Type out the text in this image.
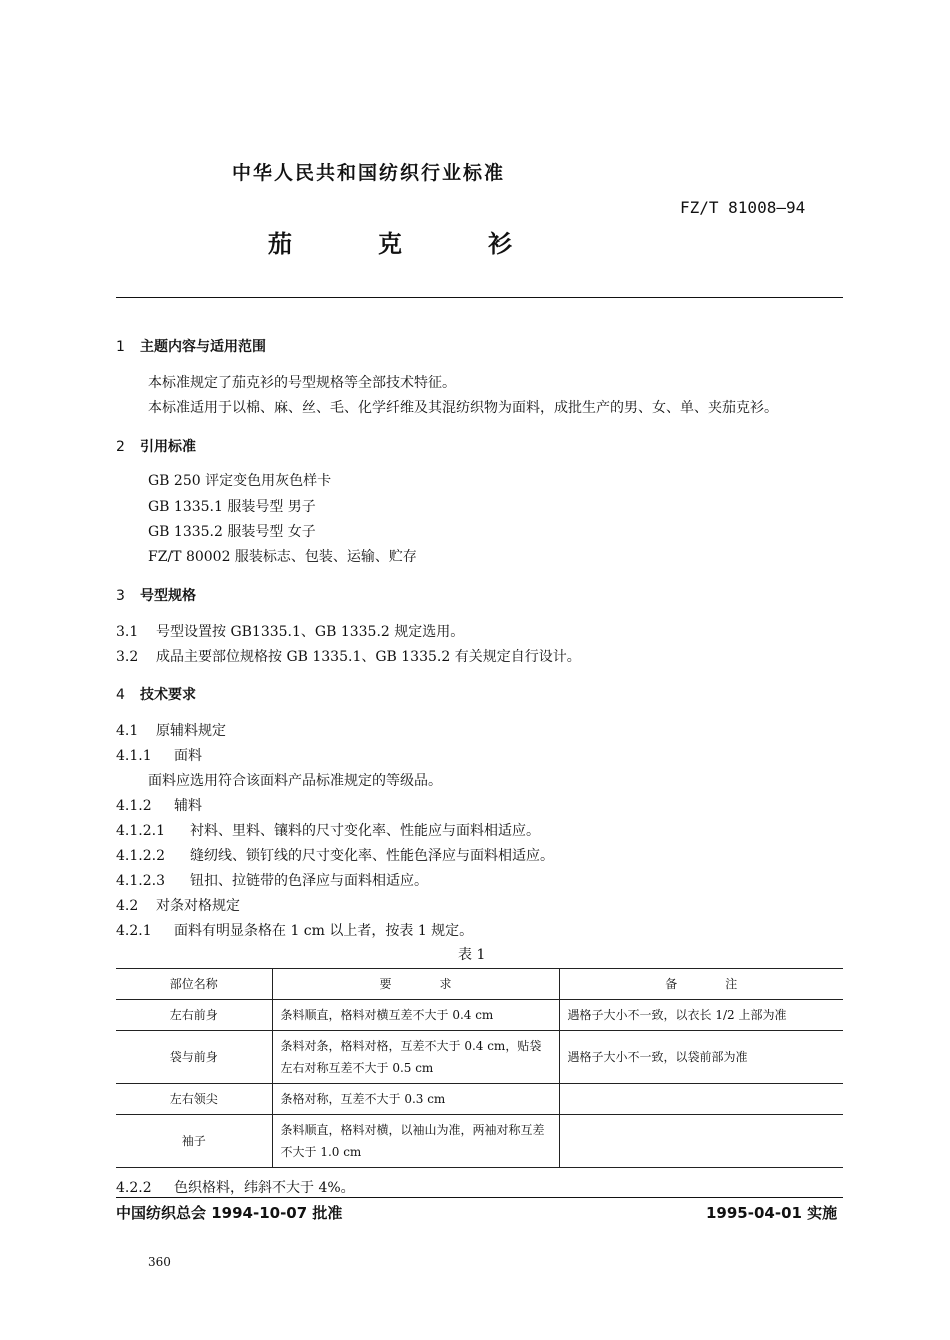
中华人民共和国纺织行业标准
FZ/T 81008—94
茄	克	衫
1 主题内容与适用范围
本标准规定了茄克衫的号型规格等全部技术特征。
本标准适用于以棉、麻、丝、毛、化学纤维及其混纺织物为面料，成批生产的男、女、单、夹茄克衫。
2 引用标准
GB 250 评定变色用灰色样卡
GB 1335.1 服装号型 男子
GB 1335.2 服装号型 女子
FZ/T 80002 服装标志、包装、运输、贮存
3 号型规格
3.1 号型设置按 GB1335.1、GB 1335.2 规定选用。
3.2 成品主要部位规格按 GB 1335.1、GB 1335.2 有关规定自行设计。
4 技术要求
4.1 原辅料规定
4.1.1 面料
面料应选用符合该面料产品标准规定的等级品。
4.1.2 辅料
4.1.2.1 衬料、里料、镶料的尺寸变化率、性能应与面料相适应。
4.1.2.2 缝纫线、锁钉线的尺寸变化率、性能色泽应与面料相适应。
4.1.2.3 钮扣、拉链带的色泽应与面料相适应。
4.2 对条对格规定
4.2.1 面料有明显条格在 1 cm 以上者，按表 1 规定。
表 1
部位名称	要　　　　求	备　　　　注
左右前身	条料顺直，格料对横互差不大于 0.4 cm	遇格子大小不一致，以衣长 1/2 上部为准
袋与前身	条料对条，格料对格，互差不大于 0.4 cm，贴袋左右对称互差不大于 0.5 cm	遇格子大小不一致，以袋前部为准
左右领尖	条格对称，互差不大于 0.3 cm	
袖子	条料顺直，格料对横，以袖山为准，两袖对称互差不大于 1.0 cm	
4.2.2 色织格料，纬斜不大于 4%。
中国纺织总会 1994-10-07 批准	1995-04-01 实施
360
